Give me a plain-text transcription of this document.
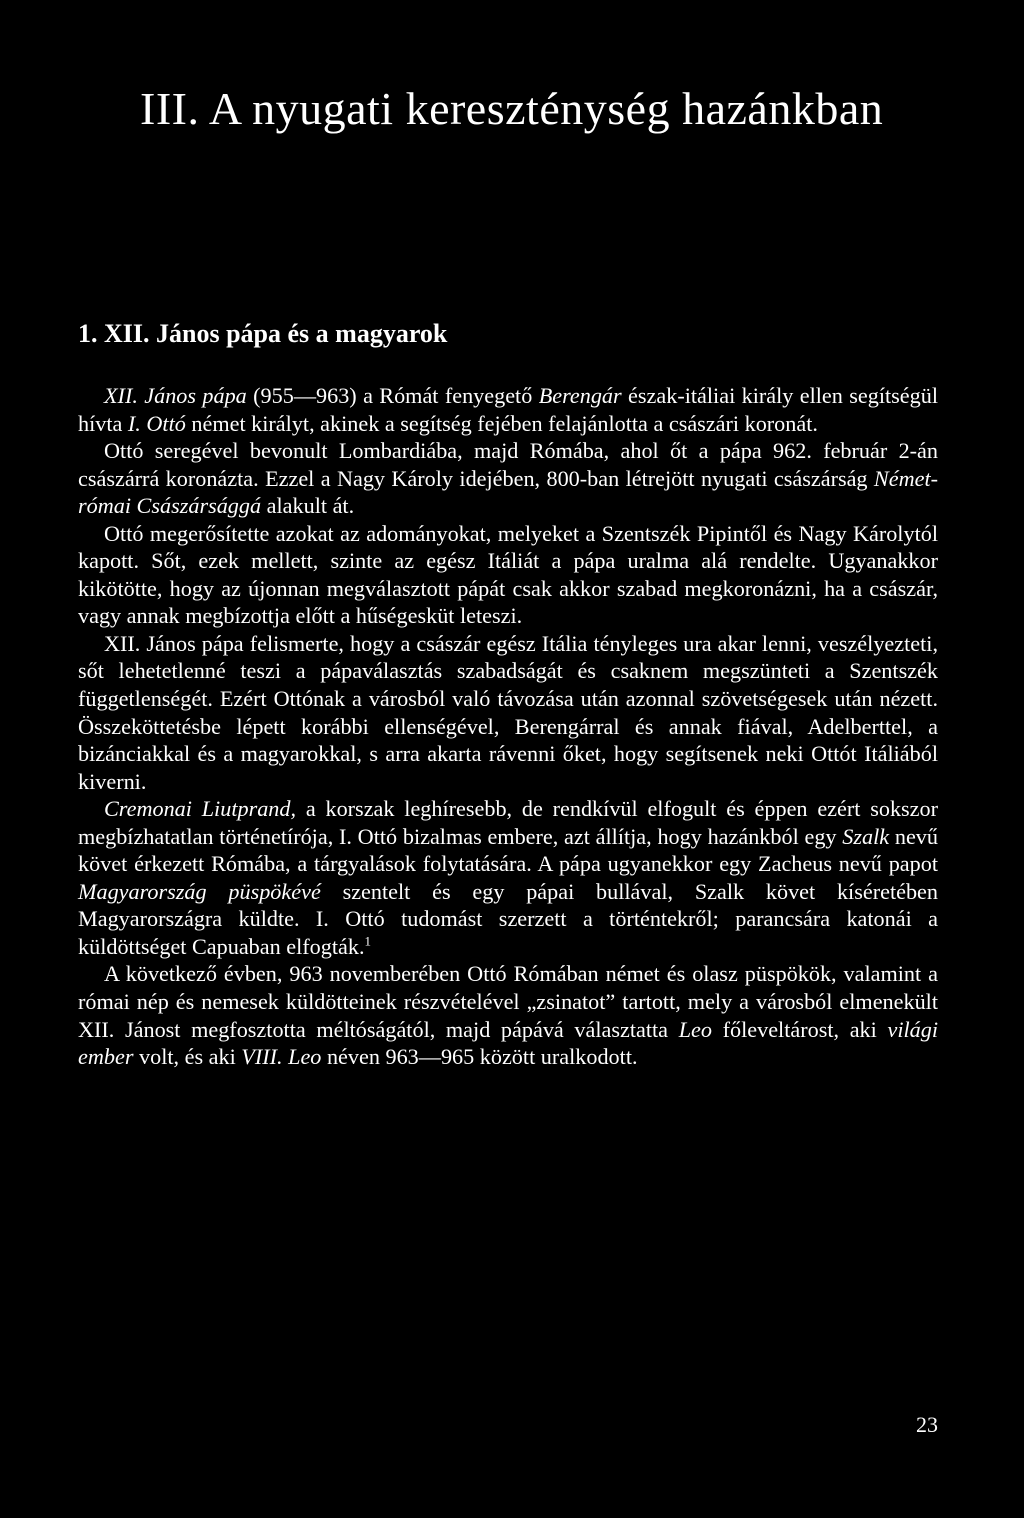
III. A nyugati kereszténység hazánkban
1. XII. János pápa és a magyarok

XII. János pápa (955—963) a Rómát fenyegető Berengár észak-itáliai király ellen segítségül hívta I. Ottó német királyt, akinek a segítség fejében felajánlotta a császári koronát.

Ottó seregével bevonult Lombardiába, majd Rómába, ahol őt a pápa 962. február 2-án császárrá koronázta. Ezzel a Nagy Károly idejében, 800-ban létrejött nyugati császárság Német-római Császársággá alakult át.

Ottó megerősítette azokat az adományokat, melyeket a Szentszék Pipintől és Nagy Károlytól kapott. Sőt, ezek mellett, szinte az egész Itáliát a pápa uralma alá rendelte. Ugyanakkor kikötötte, hogy az újonnan megválasztott pápát csak akkor szabad megkoronázni, ha a császár, vagy annak megbízottja előtt a hűségesküt leteszi.

XII. János pápa felismerte, hogy a császár egész Itália tényleges ura akar lenni, veszélyezteti, sőt lehetetlenné teszi a pápaválasztás szabadságát és csaknem megszünteti a Szentszék függetlenségét. Ezért Ottónak a városból való távozása után azonnal szövetségesek után nézett. Összeköttetésbe lépett korábbi ellenségével, Berengárral és annak fiával, Adelberttel, a bizánciakkal és a magyarokkal, s arra akarta rávenni őket, hogy segítsenek neki Ottót Itáliából kiverni.

Cremonai Liutprand, a korszak leghíresebb, de rendkívül elfogult és éppen ezért sokszor megbízhatatlan történetírója, I. Ottó bizalmas embere, azt állítja, hogy hazánkból egy Szalk nevű követ érkezett Rómába, a tárgyalások folytatására. A pápa ugyanekkor egy Zacheus nevű papot Magyarország püspökévé szentelt és egy pápai bullával, Szalk követ kíséretében Magyarországra küldte. I. Ottó tudomást szerzett a történtekről; parancsára katonái a küldöttséget Capuaban elfogták.$^1$

A következő évben, 963 novemberében Ottó Rómában német és olasz püspökök, valamint a római nép és nemesek küldötteinek részvételével „zsinatot” tartott, mely a városból elmenekült XII. Jánost megfosztotta méltóságától, majd pápává választatta Leo főleveltárost, aki világi ember volt, és aki VIII. Leo néven 963—965 között uralkodott.

23
